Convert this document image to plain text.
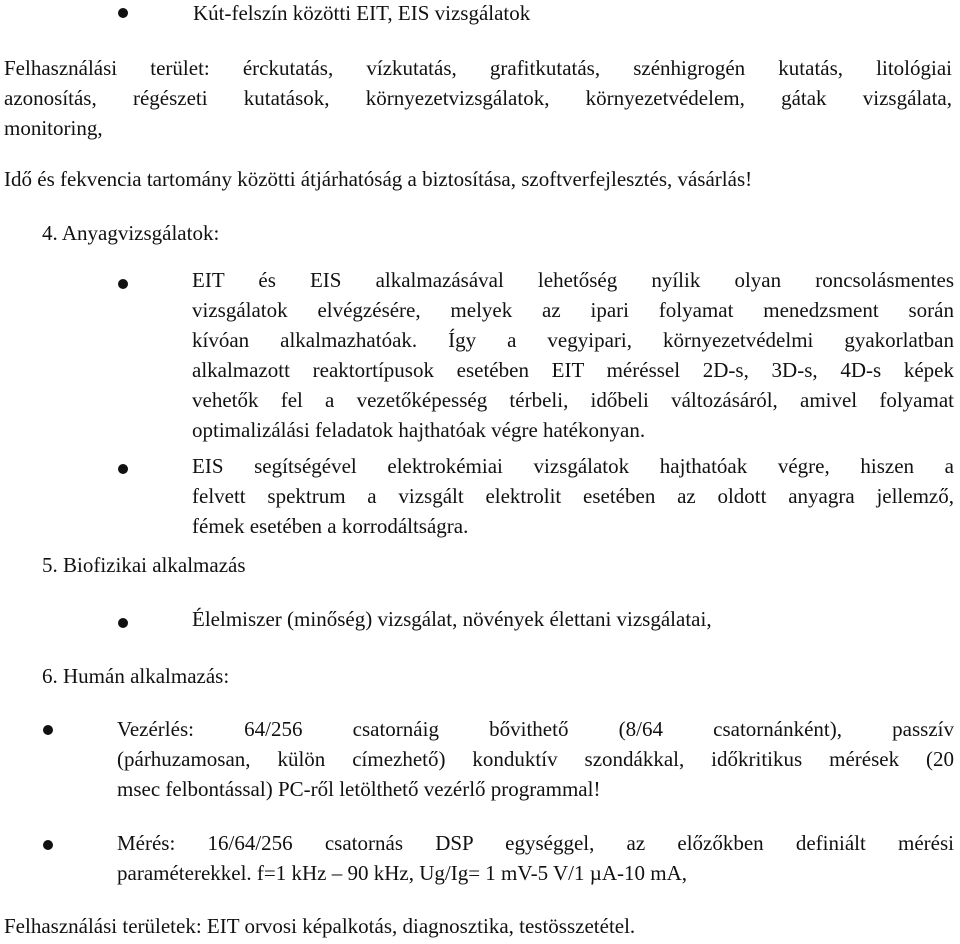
Kút-felszín közötti EIT, EIS vizsgálatok
Felhasználási terület: érckutatás, vízkutatás, grafitkutatás, szénhigrogén kutatás, litológiai
azonosítás, régészeti kutatások, környezetvizsgálatok, környezetvédelem, gátak vizsgálata,
monitoring,
Idő és fekvencia tartomány közötti átjárhatóság a biztosítása, szoftverfejlesztés, vásárlás!
4. Anyagvizsgálatok:
EIT és EIS alkalmazásával lehetőség nyílik olyan roncsolásmentes
vizsgálatok elvégzésére, melyek az ipari folyamat menedzsment során
kívóan alkalmazhatóak. Így a vegyipari, környezetvédelmi gyakorlatban
alkalmazott reaktortípusok esetében EIT méréssel 2D-s, 3D-s, 4D-s képek
vehetők fel a vezetőképesség térbeli, időbeli változásáról, amivel folyamat
optimalizálási feladatok hajthatóak végre hatékonyan.
EIS segítségével elektrokémiai vizsgálatok hajthatóak végre, hiszen a
felvett spektrum a vizsgált elektrolit esetében az oldott anyagra jellemző,
fémek esetében a korrodáltságra.
5. Biofizikai alkalmazás
Élelmiszer (minőség) vizsgálat, növények élettani vizsgálatai,
6. Humán alkalmazás:
Vezérlés: 64/256 csatornáig bővithető (8/64 csatornánként), passzív
(párhuzamosan, külön címezhető) konduktív szondákkal, időkritikus mérések (20
msec felbontással) PC-ről letölthető vezérlő programmal!
Mérés: 16/64/256 csatornás DSP egységgel, az előzőkben definiált mérési
paraméterekkel. f=1 kHz – 90 kHz, Ug/Ig= 1 mV-5 V/1 µA-10 mA,
Felhasználási területek: EIT orvosi képalkotás, diagnosztika, testösszetétel.
